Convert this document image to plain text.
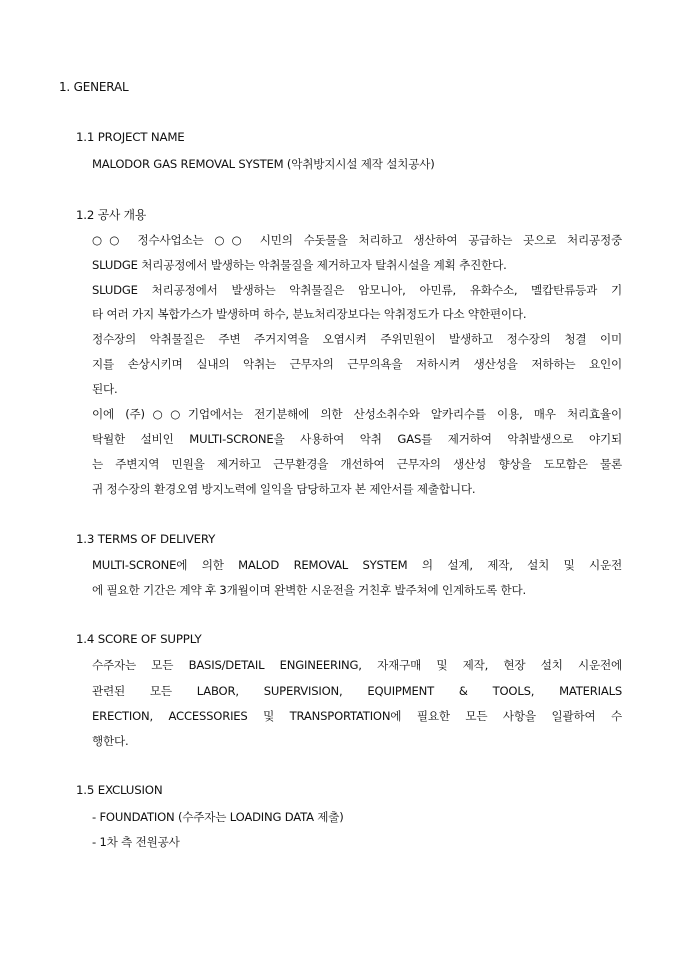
1. GENERAL
1.1 PROJECT NAME
MALODOR GAS REMOVAL SYSTEM (악취방지시설 제작 설치공사)
1.2 공사 개용
○○ 정수사업소는 ○○ 시민의 수돗물을 처리하고 생산하여 공급하는 곳으로 처리공정중
SLUDGE 처리공정에서 발생하는 악취물질을 제거하고자 탈취시설을 계획 추진한다.
SLUDGE 처리공정에서 발생하는 악취물질은 암모니아, 아민류, 유화수소, 멜캅탄류등과 기
타 여러 가지 복합가스가 발생하며 하수, 분뇨처리장보다는 악취정도가 다소 약한편이다.
정수장의 악취물질은 주변 주거지역을 오염시켜 주위민원이 발생하고 정수장의 청결 이미
지를 손상시키며 실내의 악취는 근무자의 근무의욕을 저하시켜 생산성을 저하하는 요인이
된다.
이에 (주)○○기업에서는 전기분해에 의한 산성소취수와 알카리수를 이용, 매우 처리효율이
탁월한 설비인 MULTI-SCRONE을 사용하여 악취 GAS를 제거하여 악취발생으로 야기되
는 주변지역 민원을 제거하고 근무환경을 개선하여 근무자의 생산성 향상을 도모함은 물론
귀 정수장의 환경오염 방지노력에 일익을 담당하고자 본 제안서를 제출합니다.
1.3 TERMS OF DELIVERY
MULTI-SCRONE에 의한 MALOD REMOVAL SYSTEM 의 설계, 제작, 설치 및 시운전
에 필요한 기간은 계약 후 3개월이며 완벽한 시운전을 거친후 발주쳐에 인계하도록 한다.
1.4 SCORE OF SUPPLY
수주자는 모든 BASIS/DETAIL ENGINEERING, 자재구매 및 제작, 현장 설치 시운전에
관련된 모든 LABOR, SUPERVISION, EQUIPMENT & TOOLS, MATERIALS
ERECTION, ACCESSORIES 및 TRANSPORTATION에 필요한 모든 사항을 일괄하여 수
행한다.
1.5 EXCLUSION
- FOUNDATION (수주자는 LOADING DATA 제출)
- 1차 측 전원공사
